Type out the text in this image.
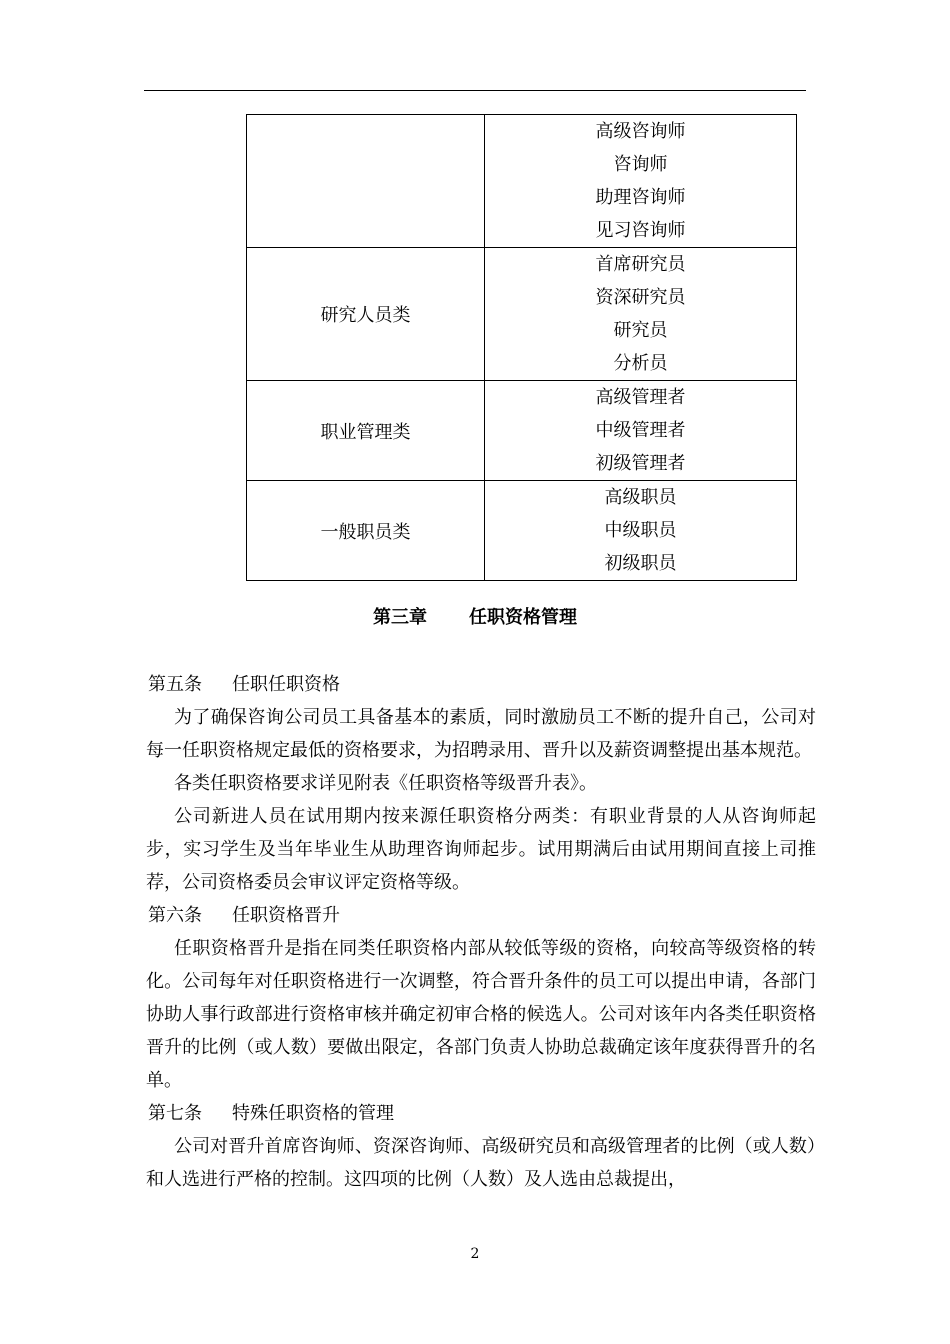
	高级咨询师
咨询师
助理咨询师
见习咨询师

研究人员类	首席研究员
资深研究员
研究员
分析员

职业管理类	高级管理者
中级管理者
初级管理者

一般职员类	高级职员
中级职员
初级职员
第三章 任职资格管理

第五条 任职任职资格

为了确保咨询公司员工具备基本的素质，同时激励员工不断的提升自己，公司对每一任职资格规定最低的资格要求，为招聘录用、晋升以及薪资调整提出基本规范。

各类任职资格要求详见附表《任职资格等级晋升表》。

公司新进人员在试用期内按来源任职资格分两类：有职业背景的人从咨询师起步，实习学生及当年毕业生从助理咨询师起步。试用期满后由试用期间直接上司推荐，公司资格委员会审议评定资格等级。

第六条 任职资格晋升

任职资格晋升是指在同类任职资格内部从较低等级的资格，向较高等级资格的转化。公司每年对任职资格进行一次调整，符合晋升条件的员工可以提出申请，各部门协助人事行政部进行资格审核并确定初审合格的候选人。公司对该年内各类任职资格晋升的比例（或人数）要做出限定，各部门负责人协助总裁确定该年度获得晋升的名单。

第七条 特殊任职资格的管理

公司对晋升首席咨询师、资深咨询师、高级研究员和高级管理者的比例（或人数）和人选进行严格的控制。这四项的比例（人数）及人选由总裁提出，

2
